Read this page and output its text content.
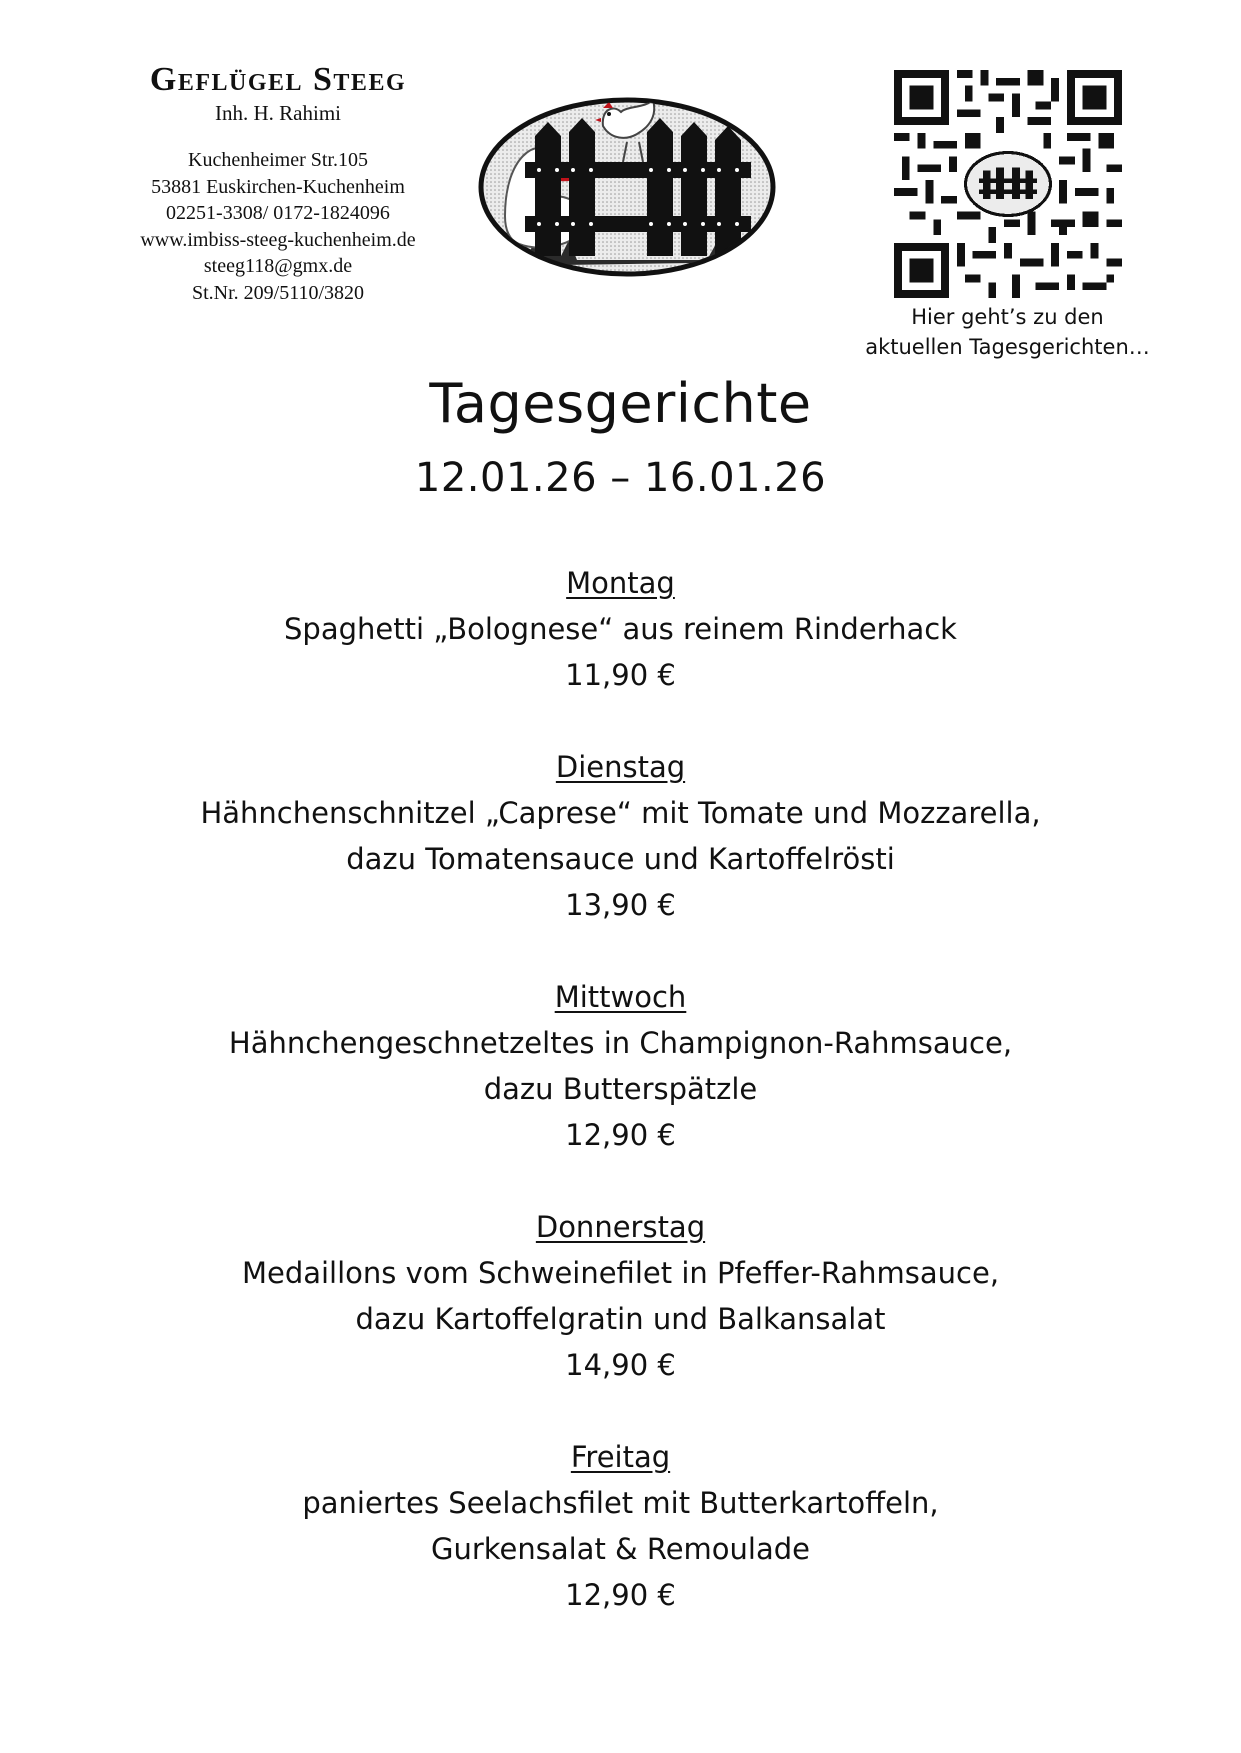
Geflügel Steeg
Inh. H. Rahimi
Kuchenheimer Str.105
53881 Euskirchen-Kuchenheim
02251-3308/ 0172-1824096
www.imbiss-steeg-kuchenheim.de
steeg118@gmx.de
St.Nr. 209/5110/3820
Hier geht’s zu den
aktuellen Tagesgerichten…
Tagesgerichte
12.01.26 – 16.01.26
Montag
Spaghetti „Bolognese“ aus reinem Rinderhack
11,90 €
Dienstag
Hähnchenschnitzel „Caprese“ mit Tomate und Mozzarella,
dazu Tomatensauce und Kartoffelrösti
13,90 €
Mittwoch
Hähnchengeschnetzeltes in Champignon-Rahmsauce,
dazu Butterspätzle
12,90 €
Donnerstag
Medaillons vom Schweinefilet in Pfeffer-Rahmsauce,
dazu Kartoffelgratin und Balkansalat
14,90 €
Freitag
paniertes Seelachsfilet mit Butterkartoffeln,
Gurkensalat & Remoulade
12,90 €
